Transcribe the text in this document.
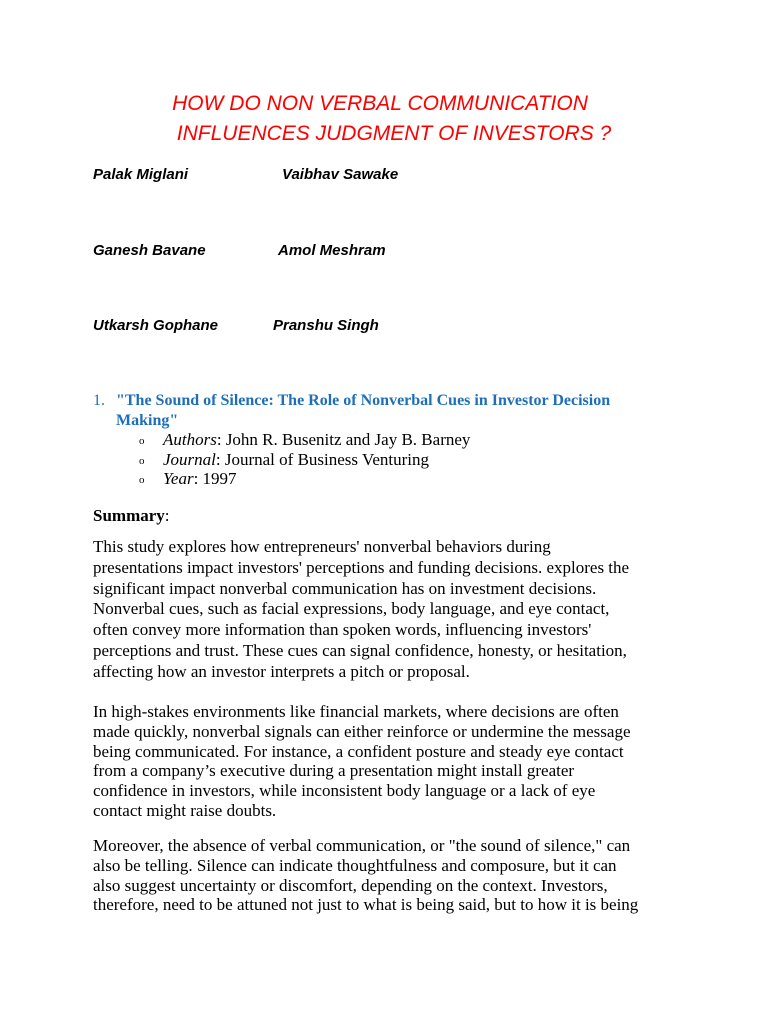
HOW DO NON VERBAL COMMUNICATION
INFLUENCES JUDGMENT OF INVESTORS ?
Palak Miglani	Vaibhav Sawake
Ganesh Bavane	Amol Meshram
Utkarsh Gophane	Pranshu Singh
1. "The Sound of Silence: The Role of Nonverbal Cues in Investor Decision
Making"
o Authors: John R. Busenitz and Jay B. Barney
o Journal: Journal of Business Venturing
o Year: 1997
Summary:
This study explores how entrepreneurs' nonverbal behaviors during
presentations impact investors' perceptions and funding decisions. explores the
significant impact nonverbal communication has on investment decisions.
Nonverbal cues, such as facial expressions, body language, and eye contact,
often convey more information than spoken words, influencing investors'
perceptions and trust. These cues can signal confidence, honesty, or hesitation,
affecting how an investor interprets a pitch or proposal.
In high-stakes environments like financial markets, where decisions are often
made quickly, nonverbal signals can either reinforce or undermine the message
being communicated. For instance, a confident posture and steady eye contact
from a company’s executive during a presentation might install greater
confidence in investors, while inconsistent body language or a lack of eye
contact might raise doubts.
Moreover, the absence of verbal communication, or "the sound of silence," can
also be telling. Silence can indicate thoughtfulness and composure, but it can
also suggest uncertainty or discomfort, depending on the context. Investors,
therefore, need to be attuned not just to what is being said, but to how it is being
